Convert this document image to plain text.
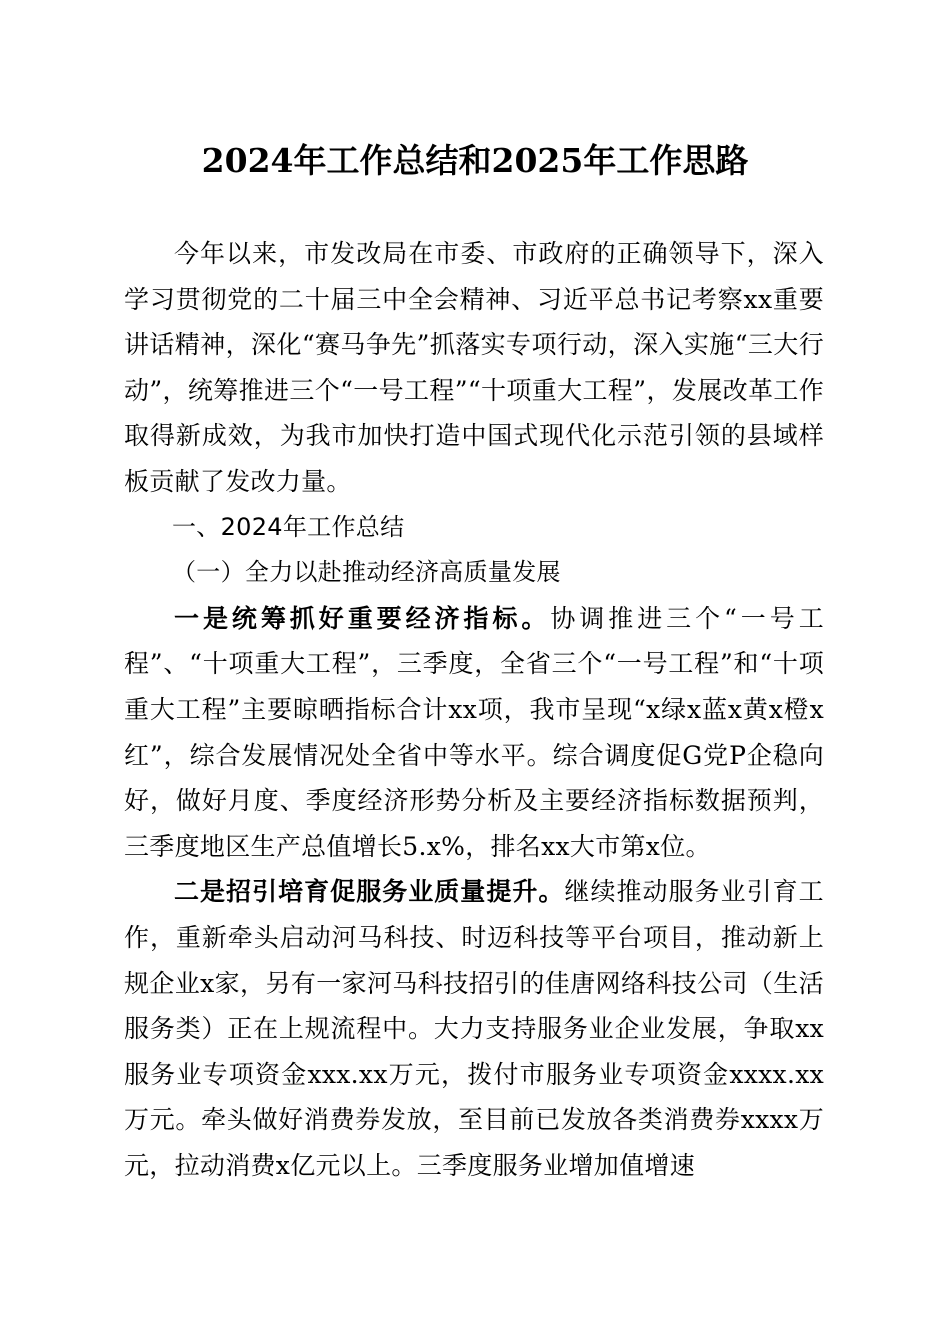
2024年工作总结和2025年工作思路

今年以来，市发改局在市委、市政府的正确领导下，深入学习贯彻党的二十届三中全会精神、习近平总书记考察xx重要讲话精神，深化“赛马争先”抓落实专项行动，深入实施“三大行动”，统筹推进三个“一号工程”“十项重大工程”，发展改革工作取得新成效，为我市加快打造中国式现代化示范引领的县域样板贡献了发改力量。

一、2024年工作总结

（一）全力以赴推动经济高质量发展

一是统筹抓好重要经济指标。协调推进三个“一号工程”、“十项重大工程”，三季度，全省三个“一号工程”和“十项重大工程”主要晾晒指标合计xx项，我市呈现“x绿x蓝x黄x橙x红”，综合发展情况处全省中等水平。综合调度促G党P企稳向好，做好月度、季度经济形势分析及主要经济指标数据预判，三季度地区生产总值增长5.x%，排名xx大市第x位。

二是招引培育促服务业质量提升。继续推动服务业引育工作，重新牵头启动河马科技、时迈科技等平台项目，推动新上规企业x家，另有一家河马科技招引的佳唐网络科技公司（生活服务类）正在上规流程中。大力支持服务业企业发展，争取xx服务业专项资金xxx.xx万元，拨付市服务业专项资金xxxx.xx万元。牵头做好消费券发放，至目前已发放各类消费券xxxx万元，拉动消费x亿元以上。三季度服务业增加值增速
